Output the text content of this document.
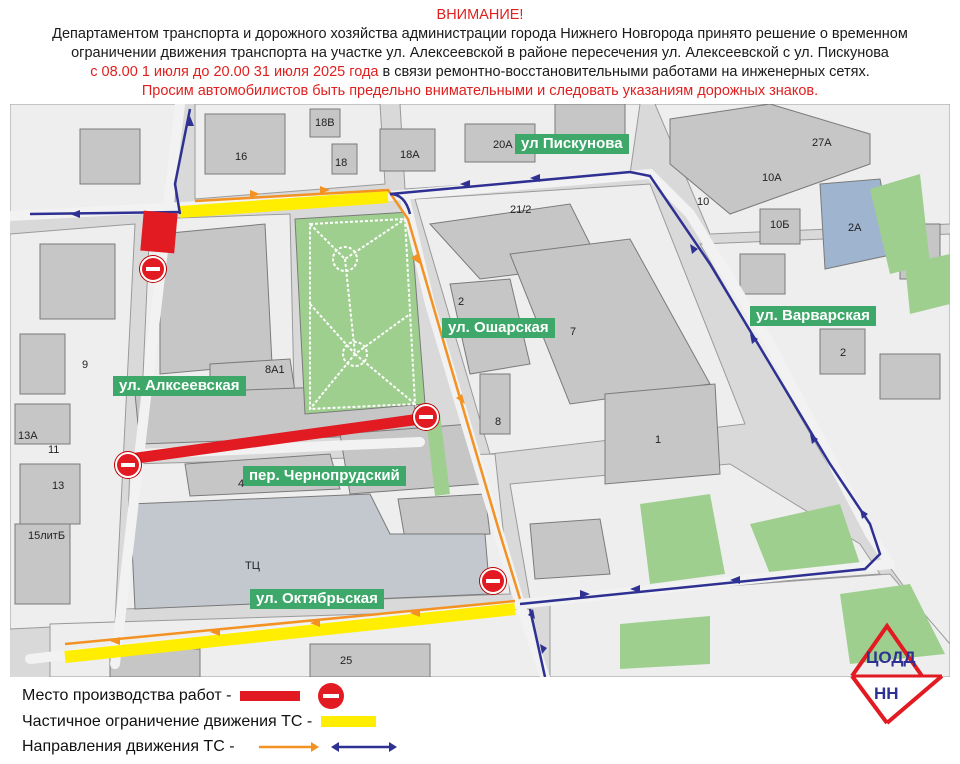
ВНИМАНИЕ!
Департаментом транспорта и дорожного хозяйства администрации города Нижнего Новгорода принято решение о временном
ограничении движения транспорта на участке ул. Алексеевской в районе пересечения ул. Алексеевской с ул. Пискунова
с 08.00 1 июля до 20.00 31 июля 2025 года в связи ремонтно-восстановительными работами на инженерных сетях.
Просим автомобилистов быть предельно внимательными и следовать указаниям дорожных знаков.
ул Пискунова
ул. Ошарская
ул. Варварская
ул. Алксеевская
пер. Чернопрудский
ул. Октябрьская
18В
16	18
18А
20А	27А
10А
10
10Б	2А
21/2
2
7
9	8А1
8
1
2
13А
11
13
15литБ
4
ТЦ
25
Место производства работ -
Частичное ограничение движения ТС -
Направления движения ТС -
ЦОДД
НН
